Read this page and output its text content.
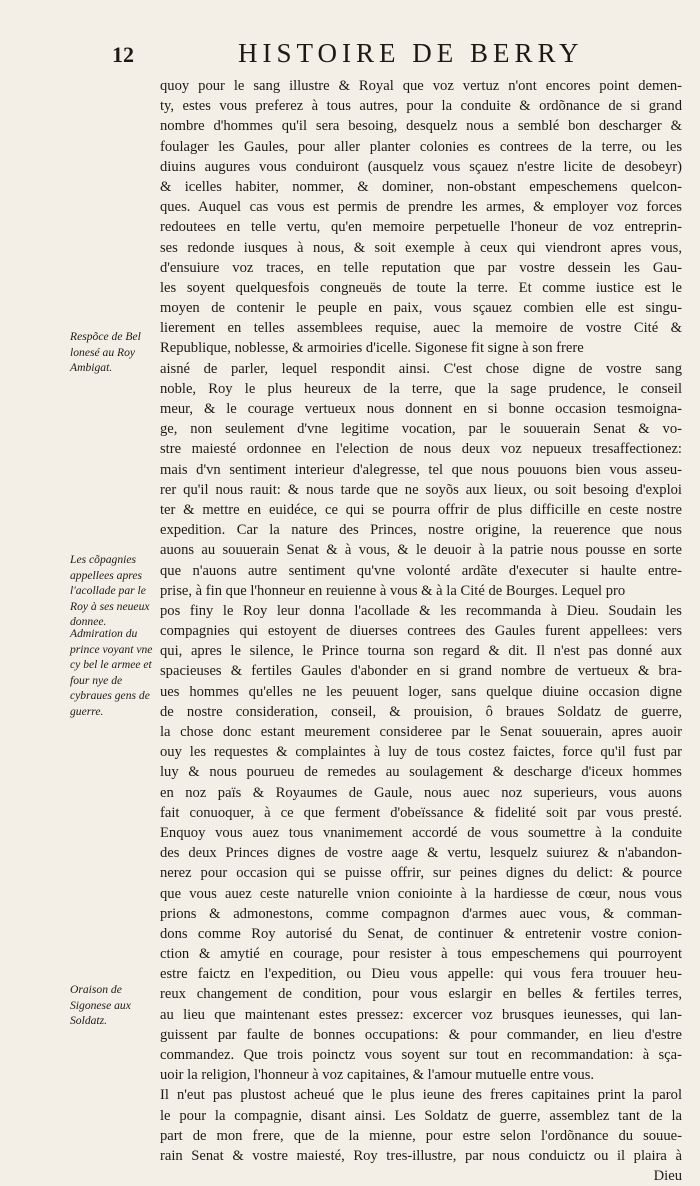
12	HISTOIRE DE BERRY
Respõce de Bel lonesé au Roy Ambigat.
Les cõpagnies appellees apres l'acollade par le Roy à ses neueux donnee.
Admiration du prince voyant vne cy bel le armee et four nye de cybraues gens de guerre.
Oraison de Sigonese aux Soldatz.
quoy pour le sang illustre & Royal que voz vertuz n'ont encores point demen-
ty, estes vous preferez à tous autres, pour la conduite & ordõnance de si grand
nombre d'hommes qu'il sera besoing, desquelz nous a semblé bon descharger &
foulager les Gaules, pour aller planter colonies es contrees de la terre, ou les
diuins augures vous conduiront (ausquelz vous sçauez n'estre licite de desobeyr)
& icelles habiter, nommer, & dominer, non-obstant empeschemens quelcon-
ques. Auquel cas vous est permis de prendre les armes, & employer voz forces
redoutees en telle vertu, qu'en memoire perpetuelle l'honeur de voz entreprin-
ses redonde iusques à nous, & soit exemple à ceux qui viendront apres vous,
d'ensuiure voz traces, en telle reputation que par vostre dessein les Gau-
les soyent quelquesfois congneuës de toute la terre. Et comme iustice est le
moyen de contenir le peuple en paix, vous sçauez combien elle est singu-
lierement en telles assemblees requise, auec la memoire de vostre Cité &
Republique, noblesse, & armoiries d'icelle. Sigonese fit signe à son frere
aisné de parler, lequel respondit ainsi. C'est chose digne de vostre sang
noble, Roy le plus heureux de la terre, que la sage prudence, le conseil
meur, & le courage vertueux nous donnent en si bonne occasion tesmoigna-
ge, non seulement d'vne legitime vocation, par le souuerain Senat & vo-
stre maiesté ordonnee en l'election de nous deux voz nepueux tresaffectionez:
mais d'vn sentiment interieur d'alegresse, tel que nous pouuons bien vous asseu-
rer qu'il nous rauit: & nous tarde que ne soyõs aux lieux, ou soit besoing d'exploi
ter & mettre en euidéce, ce qui se pourra offrir de plus difficille en ceste nostre
expedition. Car la nature des Princes, nostre origine, la reuerence que nous
auons au souuerain Senat & à vous, & le deuoir à la patrie nous pousse en sorte
que n'auons autre sentiment qu'vne volonté ardãte d'executer si haulte entre-
prise, à fin que l'honneur en reuienne à vous & à la Cité de Bourges. Lequel pro
pos finy le Roy leur donna l'acollade & les recommanda à Dieu. Soudain les
compagnies qui estoyent de diuerses contrees des Gaules furent appellees: vers
qui, apres le silence, le Prince tourna son regard & dit. Il n'est pas donné aux
spacieuses & fertiles Gaules d'abonder en si grand nombre de vertueux & bra-
ues hommes qu'elles ne les peuuent loger, sans quelque diuine occasion digne
de nostre consideration, conseil, & prouision, ô braues Soldatz de guerre,
la chose donc estant meurement consideree par le Senat souuerain, apres auoir
ouy les requestes & complaintes à luy de tous costez faictes, force qu'il fust par
luy & nous pourueu de remedes au soulagement & descharge d'iceux hommes
en noz païs & Royaumes de Gaule, nous auec noz superieurs, vous auons
fait conuoquer, à ce que ferment d'obeïssance & fidelité soit par vous presté.
Enquoy vous auez tous vnanimement accordé de vous soumettre à la conduite
des deux Princes dignes de vostre aage & vertu, lesquelz suiurez & n'abandon-
nerez pour occasion qui se puisse offrir, sur peines dignes du delict: & pource
que vous auez ceste naturelle vnion coniointe à la hardiesse de cœur, nous vous
prions & admonestons, comme compagnon d'armes auec vous, & comman-
dons comme Roy autorisé du Senat, de continuer & entretenir vostre conion-
ction & amytié en courage, pour resister à tous empeschemens qui pourroyent
estre faictz en l'expedition, ou Dieu vous appelle: qui vous fera trouuer heu-
reux changement de condition, pour vous eslargir en belles & fertiles terres,
au lieu que maintenant estes pressez: excercer voz brusques ieunesses, qui lan-
guissent par faulte de bonnes occupations: & pour commander, en lieu d'estre
commandez. Que trois poinctz vous soyent sur tout en recommandation: à sça-
uoir la religion, l'honneur à voz capitaines, & l'amour mutuelle entre vous.
Il n'eut pas plustost acheué que le plus ieune des freres capitaines print la parol
le pour la compagnie, disant ainsi. Les Soldatz de guerre, assemblez tant de la
part de mon frere, que de la mienne, pour estre selon l'ordõnance du souue-
rain Senat & vostre maiesté, Roy tres-illustre, par nous conduictz ou il plaira à
Dieu
